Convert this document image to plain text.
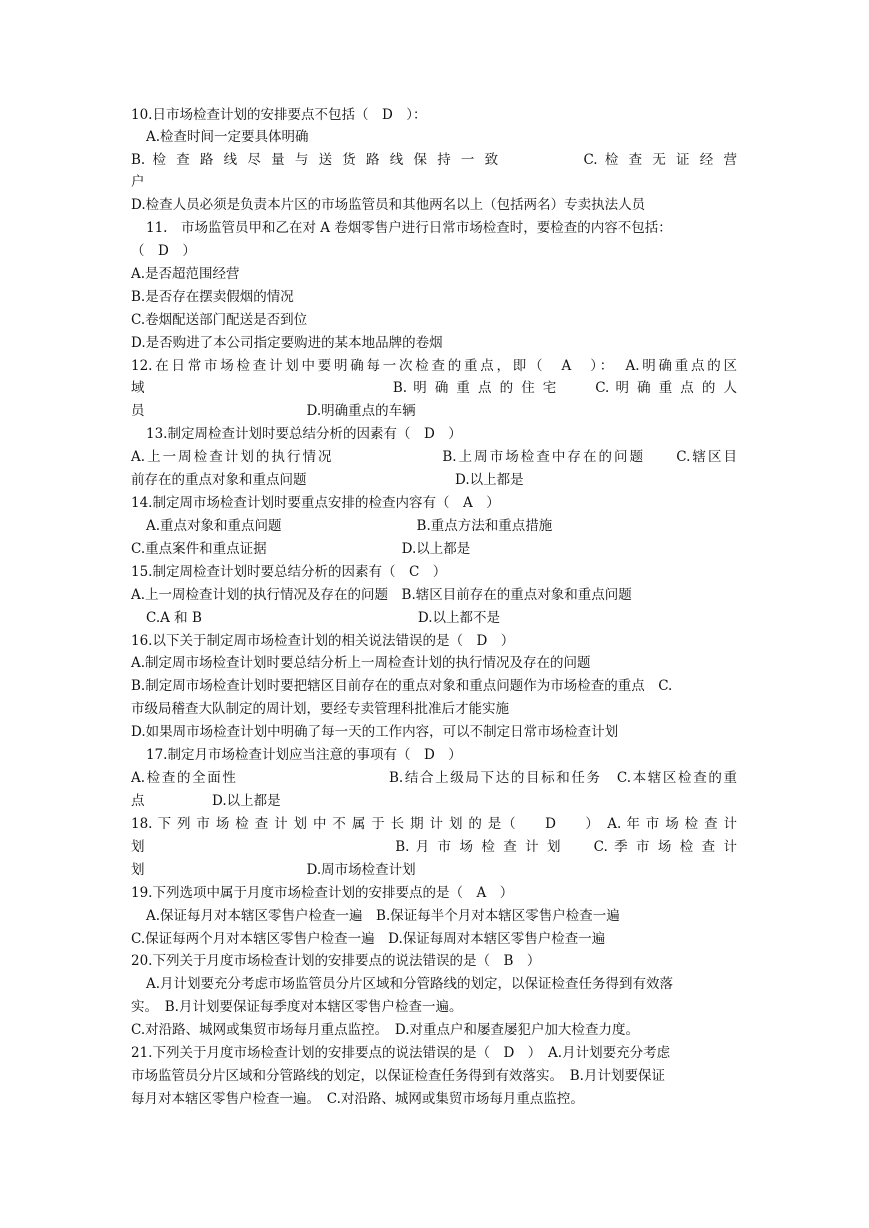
10.日市场检查计划的安排要点不包括（　D　）：
A.检查时间一定要具体明确
B. 检 查 路 线 尽 量 与 送 货 路 线 保 持 一 致　　　　　C. 检 查 无 证 经 营
户
D.检查人员必须是负责本片区的市场监管员和其他两名以上（包括两名）专卖执法人员
11.　市场监管员甲和乙在对 A 卷烟零售户进行日常市场检查时，要检查的内容不包括：
（　D　）
A.是否超范围经营
B.是否存在摆卖假烟的情况
C.卷烟配送部门配送是否到位
D.是否购进了本公司指定要购进的某本地品牌的卷烟
12.在日常市场检查计划中要明确每一次检查的重点，即（　A　）：　A.明确重点的区
域　　　　　　　　　　　　　　　　B. 明 确 重 点 的 住 宅　　 C. 明 确 重 点 的 人
员　　　　　　　　　　　　D.明确重点的车辆
13.制定周检查计划时要总结分析的因素有（　D　）
A.上一周检查计划的执行情况　　　　　　　B.上周市场检查中存在的问题　　C.辖区目
前存在的重点对象和重点问题　　　　　　　　　　　D.以上都是
14.制定周市场检查计划时要重点安排的检查内容有（　A　）
A.重点对象和重点问题　　　　　　　　　　B.重点方法和重点措施
C.重点案件和重点证据　　　　　　　　　　D.以上都是
15.制定周检查计划时要总结分析的因素有（　C　）
A.上一周检查计划的执行情况及存在的问题　B.辖区目前存在的重点对象和重点问题
C.A 和 B　　　　　　　　　　　　　　　　D.以上都不是
16.以下关于制定周市场检查计划的相关说法错误的是（　D　）
A.制定周市场检查计划时要总结分析上一周检查计划的执行情况及存在的问题
B.制定周市场检查计划时要把辖区目前存在的重点对象和重点问题作为市场检查的重点　C.
市级局稽查大队制定的周计划，要经专卖管理科批准后才能实施
D.如果周市场检查计划中明确了每一天的工作内容，可以不制定日常市场检查计划
17.制定月市场检查计划应当注意的事项有（　D　）
A.检查的全面性　　　　　　　　　　B.结合上级局下达的目标和任务　C.本辖区检查的重
点　　　　　D.以上都是
18. 下 列 市 场 检 查 计 划 中 不 属 于 长 期 计 划 的 是（　　D　　）　A. 年 市 场 检 查 计
划　　　　　　　　　　　　　　　　B. 月 市 场 检 查 计 划　　C. 季 市 场 检 查 计
划　　　　　　　　　　　　D.周市场检查计划
19.下列选项中属于月度市场检查计划的安排要点的是（　A　）
A.保证每月对本辖区零售户检查一遍　B.保证每半个月对本辖区零售户检查一遍
C.保证每两个月对本辖区零售户检查一遍　D.保证每周对本辖区零售户检查一遍
20.下列关于月度市场检查计划的安排要点的说法错误的是（　B　）
A.月计划要充分考虑市场监管员分片区域和分管路线的划定，以保证检查任务得到有效落
实。　B.月计划要保证每季度对本辖区零售户检查一遍。
C.对沿路、城网或集贸市场每月重点监控。　D.对重点户和屡查屡犯户加大检查力度。
21.下列关于月度市场检查计划的安排要点的说法错误的是（　D　）　A.月计划要充分考虑
市场监管员分片区域和分管路线的划定，以保证检查任务得到有效落实。　B.月计划要保证
每月对本辖区零售户检查一遍。　C.对沿路、城网或集贸市场每月重点监控。
